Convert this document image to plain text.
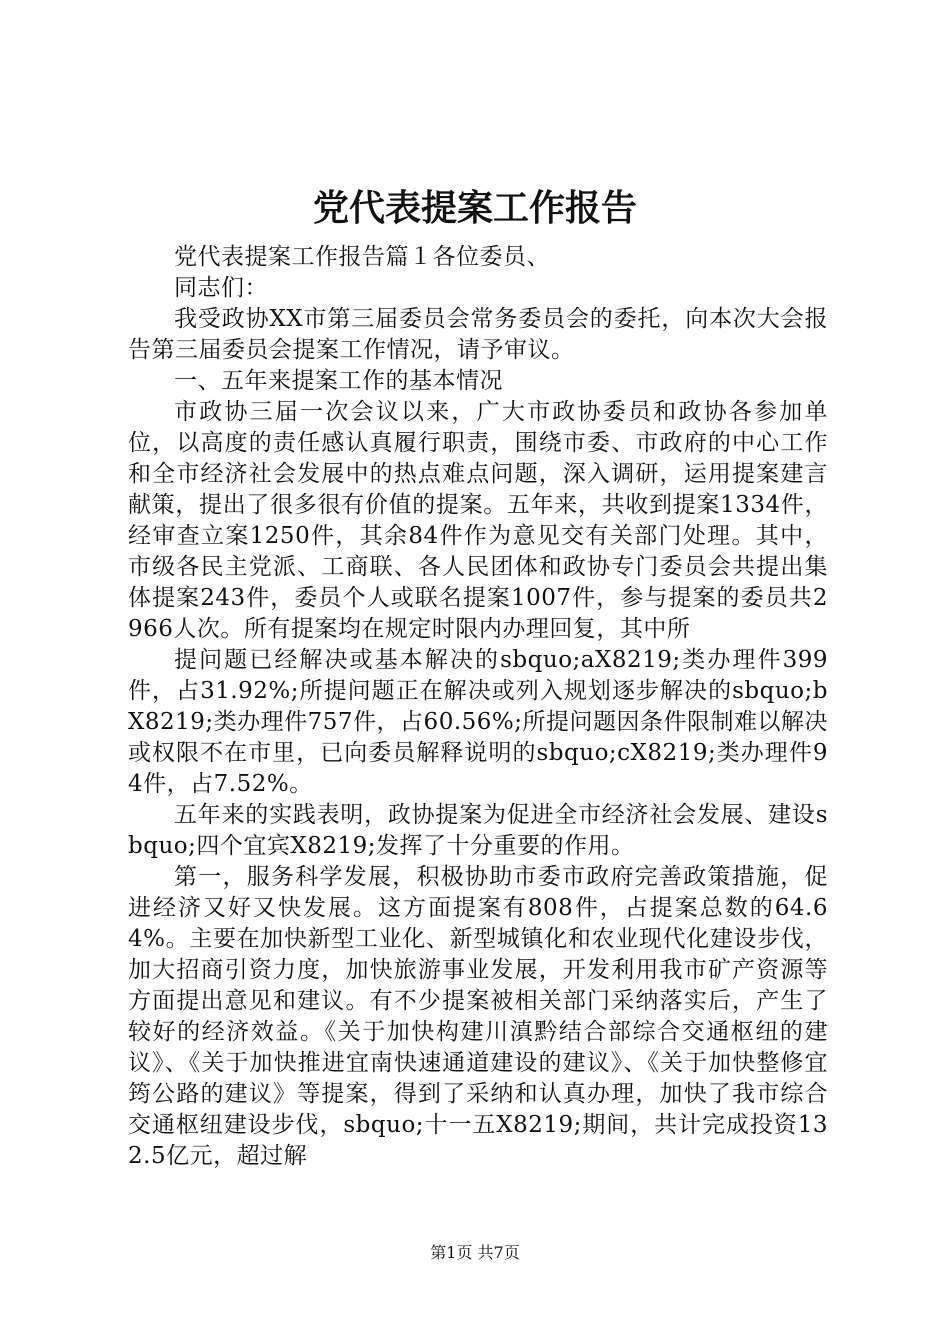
党代表提案工作报告

党代表提案工作报告篇１各位委员、

同志们：

我受政协XX市第三届委员会常务委员会的委托，向本次大会报告第三届委员会提案工作情况，请予审议。

一、五年来提案工作的基本情况

市政协三届一次会议以来，广大市政协委员和政协各参加单位，以高度的责任感认真履行职责，围绕市委、市政府的中心工作和全市经济社会发展中的热点难点问题，深入调研，运用提案建言献策，提出了很多很有价值的提案。五年来，共收到提案1334件，经审查立案1250件，其余84件作为意见交有关部门处理。其中，市级各民主党派、工商联、各人民团体和政协专门委员会共提出集体提案243件，委员个人或联名提案1007件，参与提案的委员共2966人次。所有提案均在规定时限内办理回复，其中所

提问题已经解决或基本解决的sbquo;aX8219;类办理件399件，占31.92%;所提问题正在解决或列入规划逐步解决的sbquo;bX8219;类办理件757件，占60.56%;所提问题因条件限制难以解决或权限不在市里，已向委员解释说明的sbquo;cX8219;类办理件94件，占7.52%。

五年来的实践表明，政协提案为促进全市经济社会发展、建设sbquo;四个宜宾X8219;发挥了十分重要的作用。

第一，服务科学发展，积极协助市委市政府完善政策措施，促进经济又好又快发展。这方面提案有808件，占提案总数的64.64%。主要在加快新型工业化、新型城镇化和农业现代化建设步伐，加大招商引资力度，加快旅游事业发展，开发利用我市矿产资源等方面提出意见和建议。有不少提案被相关部门采纳落实后，产生了较好的经济效益。《关于加快构建川滇黔结合部综合交通枢纽的建议》、《关于加快推进宜南快速通道建设的建议》、《关于加快整修宜筠公路的建议》等提案，得到了采纳和认真办理，加快了我市综合交通枢纽建设步伐，sbquo;十一五X8219;期间，共计完成投资132.5亿元，超过解

第1页 共7页
